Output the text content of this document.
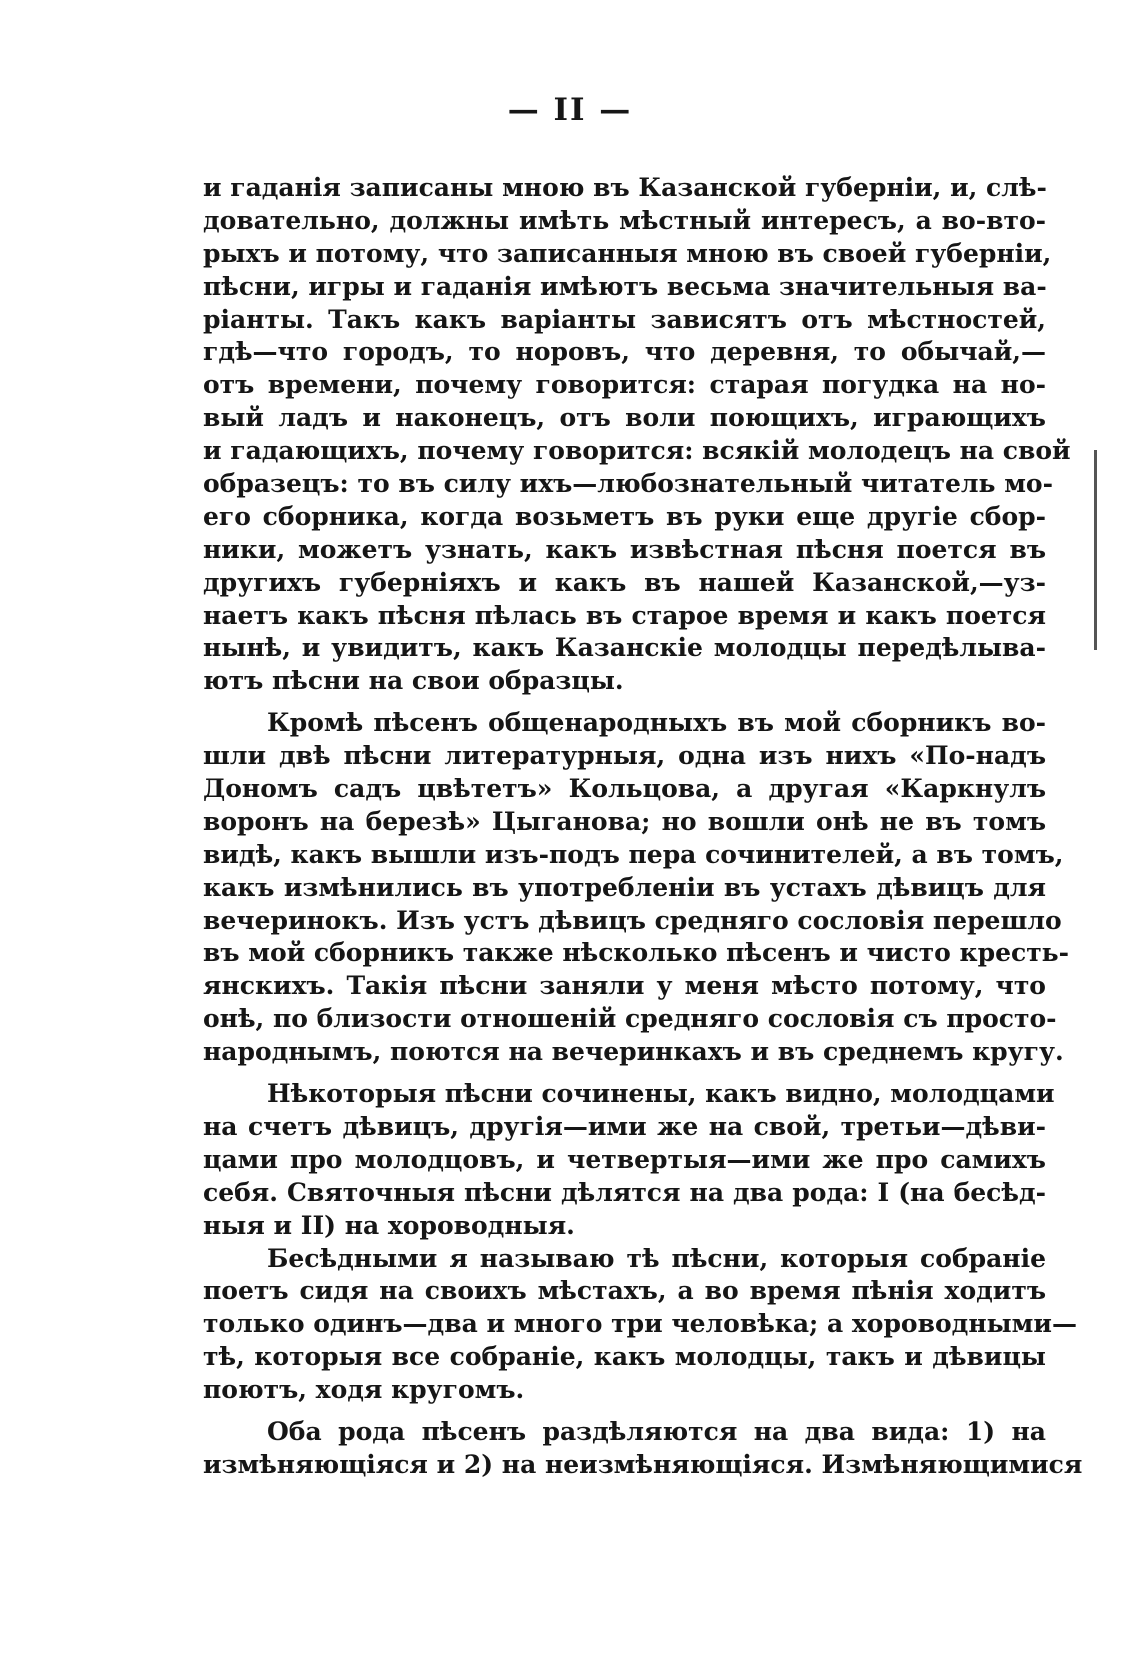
— II —
и гаданія записаны мною въ Казанской губерніи, и, слѣ-
довательно, должны имѣть мѣстный интересъ, а во-вто-
рыхъ и потому, что записанныя мною въ своей губерніи,
пѣсни, игры и гаданія имѣютъ весьма значительныя ва-
ріанты. Такъ какъ варіанты зависятъ отъ мѣстностей,
гдѣ—что городъ, то норовъ, что деревня, то обычай,—
отъ времени, почему говорится: старая погудка на но-
вый ладъ и наконецъ, отъ воли поющихъ, играющихъ
и гадающихъ, почему говорится: всякій молодецъ на свой
образецъ: то въ силу ихъ—любознательный читатель мо-
его сборника, когда возьметъ въ руки еще другіе сбор-
ники, можетъ узнать, какъ извѣстная пѣсня поется въ
другихъ губерніяхъ и какъ въ нашей Казанской,—уз-
наетъ какъ пѣсня пѣлась въ старое время и какъ поется
нынѣ, и увидитъ, какъ Казанскіе молодцы передѣлыва-
ютъ пѣсни на свои образцы.
Кромѣ пѣсенъ общенародныхъ въ мой сборникъ во-
шли двѣ пѣсни литературныя, одна изъ нихъ «По-надъ
Дономъ садъ цвѣтетъ» Кольцова, а другая «Каркнулъ
воронъ на березѣ» Цыганова; но вошли онѣ не въ томъ
видѣ, какъ вышли изъ-подъ пера сочинителей, а въ томъ,
какъ измѣнились въ употребленіи въ устахъ дѣвицъ для
вечеринокъ. Изъ устъ дѣвицъ средняго сословія перешло
въ мой сборникъ также нѣсколько пѣсенъ и чисто кресть-
янскихъ. Такія пѣсни заняли у меня мѣсто потому, что
онѣ, по близости отношеній средняго сословія съ просто-
народнымъ, поются на вечеринкахъ и въ среднемъ кругу.
Нѣкоторыя пѣсни сочинены, какъ видно, молодцами
на счетъ дѣвицъ, другія—ими же на свой, третьи—дѣви-
цами про молодцовъ, и четвертыя—ими же про самихъ
себя. Святочныя пѣсни дѣлятся на два рода: I (на бесѣд-
ныя и II) на хороводныя.
Бесѣдными я называю тѣ пѣсни, которыя собраніе
поетъ сидя на своихъ мѣстахъ, а во время пѣнія ходитъ
только одинъ—два и много три человѣка; а хороводными—
тѣ, которыя все собраніе, какъ молодцы, такъ и дѣвицы
поютъ, ходя кругомъ.
Оба рода пѣсенъ раздѣляются на два вида: 1) на
измѣняющіяся и 2) на неизмѣняющіяся. Измѣняющимися
